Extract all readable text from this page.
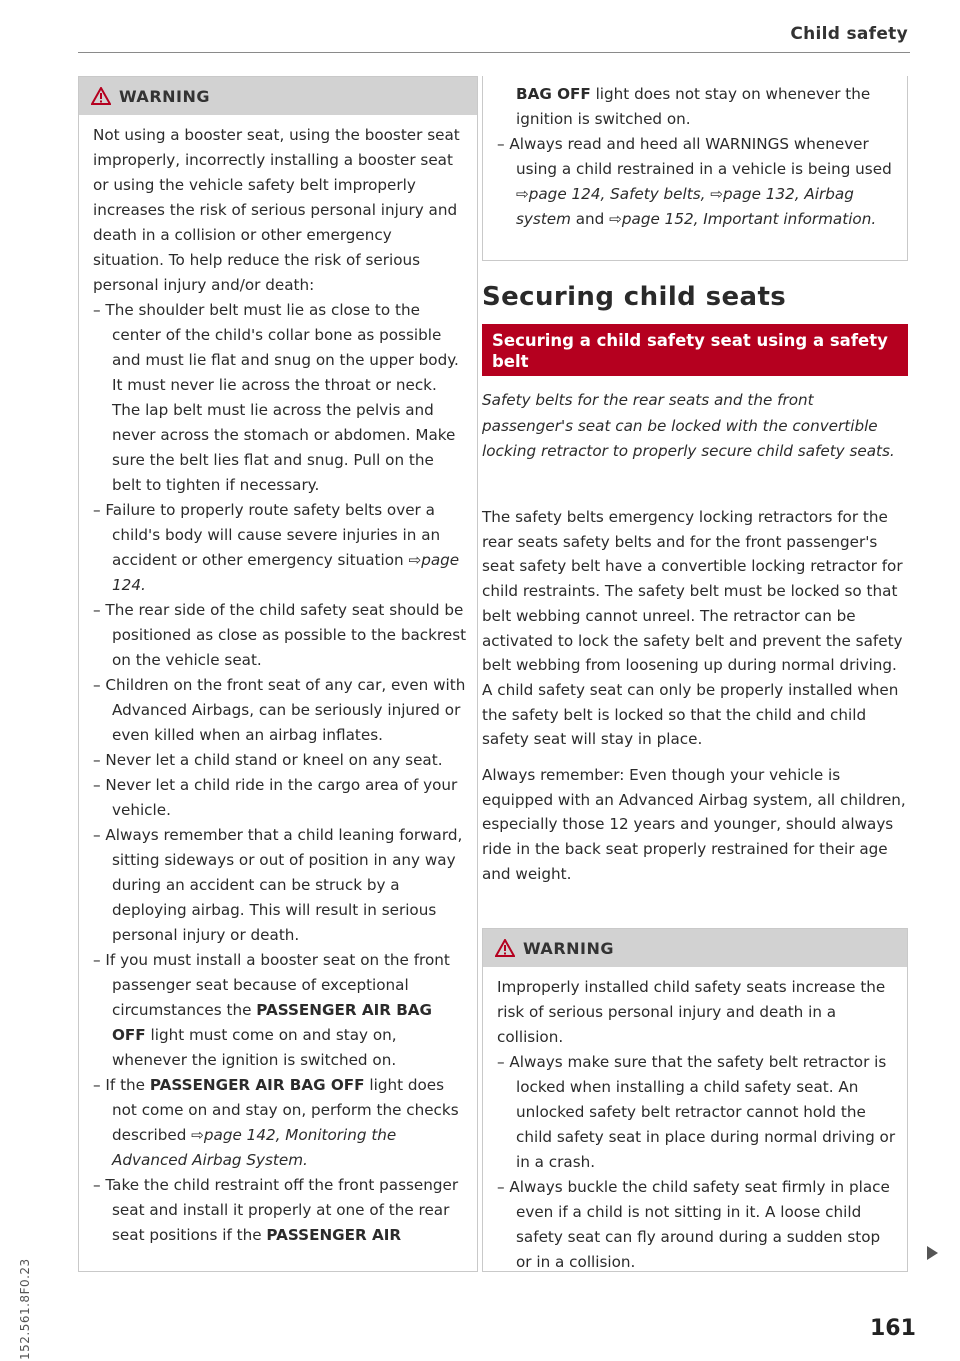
Child safety
152.561.8F0.23
WARNING

Not using a booster seat, using the booster seat improperly, incorrectly installing a booster seat or using the vehicle safety belt improperly increases the risk of serious personal injury and death in a collision or other emergency situation. To help reduce the risk of serious personal injury and/or death:

– The shoulder belt must lie as close to the center of the child's collar bone as possible and must lie flat and snug on the upper body. It must never lie across the throat or neck. The lap belt must lie across the pelvis and never across the stomach or abdomen. Make sure the belt lies flat and snug. Pull on the belt to tighten if necessary.

– Failure to properly route safety belts over a child's body will cause severe injuries in an accident or other emergency situation ⇨page 124.

– The rear side of the child safety seat should be positioned as close as possible to the backrest on the vehicle seat.

– Children on the front seat of any car, even with Advanced Airbags, can be seriously injured or even killed when an airbag inflates.

– Never let a child stand or kneel on any seat.

– Never let a child ride in the cargo area of your vehicle.

– Always remember that a child leaning forward, sitting sideways or out of position in any way during an accident can be struck by a deploying airbag. This will result in serious personal injury or death.

– If you must install a booster seat on the front passenger seat because of exceptional circumstances the PASSENGER AIR BAG OFF light must come on and stay on, whenever the ignition is switched on.

– If the PASSENGER AIR BAG OFF light does not come on and stay on, perform the checks described ⇨page 142, Monitoring the Advanced Airbag System.

– Take the child restraint off the front passenger seat and install it properly at one of the rear seat positions if the PASSENGER AIR

BAG OFF light does not stay on whenever the ignition is switched on.

– Always read and heed all WARNINGS whenever using a child restrained in a vehicle is being used ⇨page 124, Safety belts, ⇨page 132, Airbag system and ⇨page 152, Important information.

Securing child seats
Securing a child safety seat using a safety belt
Safety belts for the rear seats and the front passenger's seat can be locked with the convertible locking retractor to properly secure child safety seats.
The safety belts emergency locking retractors for the rear seats safety belts and for the front passenger's seat safety belt have a convertible locking retractor for child restraints. The safety belt must be locked so that belt webbing cannot unreel. The retractor can be activated to lock the safety belt and prevent the safety belt webbing from loosening up during normal driving. A child safety seat can only be properly installed when the safety belt is locked so that the child and child safety seat will stay in place.
Always remember: Even though your vehicle is equipped with an Advanced Airbag system, all children, especially those 12 years and younger, should always ride in the back seat properly restrained for their age and weight.
WARNING

Improperly installed child safety seats increase the risk of serious personal injury and death in a collision.

– Always make sure that the safety belt retractor is locked when installing a child safety seat. An unlocked safety belt retractor cannot hold the child safety seat in place during normal driving or in a crash.

– Always buckle the child safety seat firmly in place even if a child is not sitting in it. A loose child safety seat can fly around during a sudden stop or in a collision.

161
